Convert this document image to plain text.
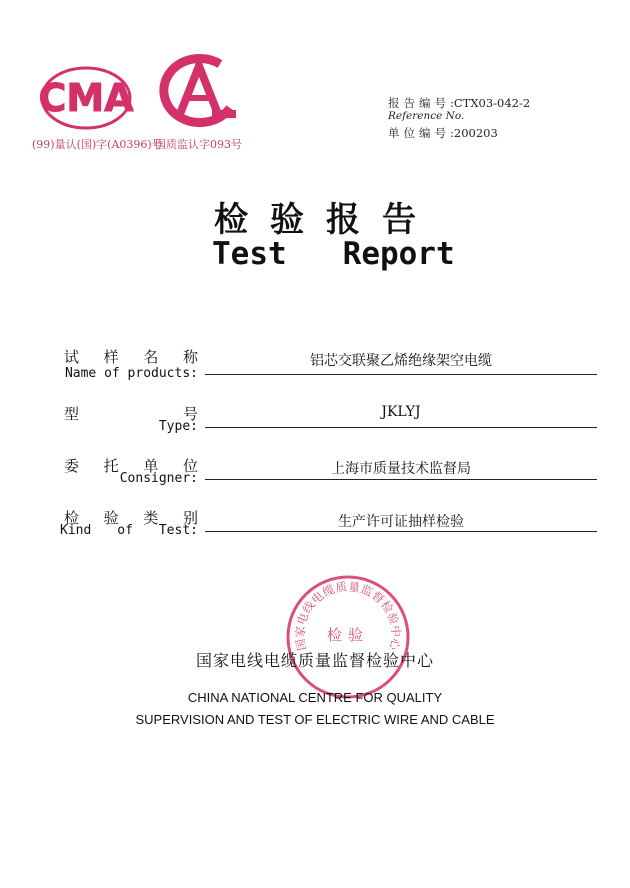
CMA
CAL
(99)量认(国)字(A0396)号
国质监认字093号
报告编号:CTX03-042-2
Reference No.
单位编号:200203
检验报告
Test Report
试 样 名 称
Name of products:
铝芯交联聚乙烯绝缘架空电缆
型	号
Type:
JKLYJ
委 托 单 位
Consigner:
上海市质量技术监督局
检 验 类 别
Kind of Test:
生产许可证抽样检验
国家电线电缆质量监督检验中心
检验
国家电线电缆质量监督检验中心
CHINA NATIONAL CENTRE FOR QUALITY
SUPERVISION AND TEST OF ELECTRIC WIRE AND CABLE
